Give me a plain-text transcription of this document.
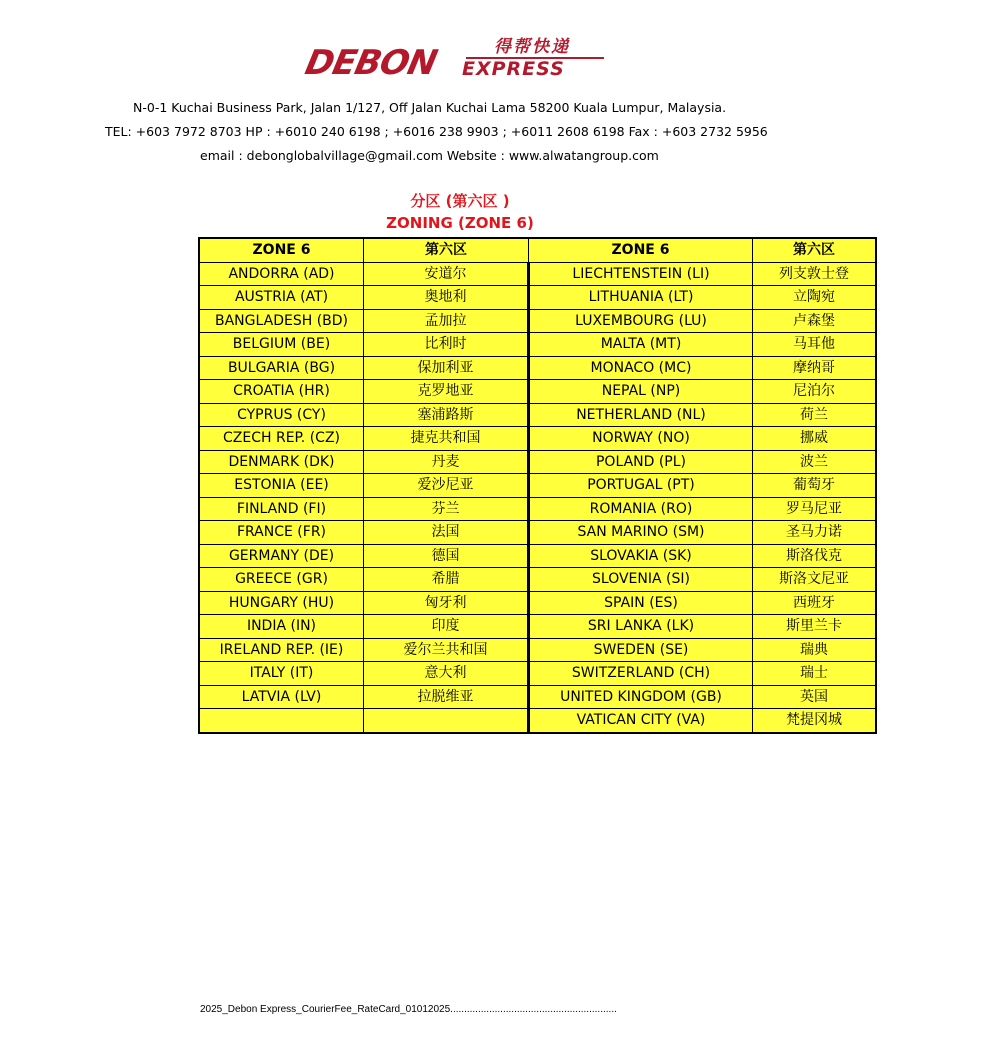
DEBON	得帮快递
EXPRESS
N-0-1 Kuchai Business Park, Jalan 1/127, Off Jalan Kuchai Lama 58200 Kuala Lumpur, Malaysia.
TEL: +603 7972 8703 HP : +6010 240 6198 ; +6016 238 9903 ; +6011 2608 6198 Fax : +603 2732 5956
email : debonglobalvillage@gmail.com Website : www.alwatangroup.com
分区 (第六区 )
ZONING (ZONE 6)
ZONE 6	第六区	ZONE 6	第六区
ANDORRA (AD)	安道尔	LIECHTENSTEIN (LI)	列支敦士登
AUSTRIA (AT)	奥地利	LITHUANIA (LT)	立陶宛
BANGLADESH (BD)	孟加拉	LUXEMBOURG (LU)	卢森堡
BELGIUM (BE)	比利时	MALTA (MT)	马耳他
BULGARIA (BG)	保加利亚	MONACO (MC)	摩纳哥
CROATIA (HR)	克罗地亚	NEPAL (NP)	尼泊尔
CYPRUS (CY)	塞浦路斯	NETHERLAND (NL)	荷兰
CZECH REP. (CZ)	捷克共和国	NORWAY (NO)	挪威
DENMARK (DK)	丹麦	POLAND (PL)	波兰
ESTONIA (EE)	爱沙尼亚	PORTUGAL (PT)	葡萄牙
FINLAND (FI)	芬兰	ROMANIA (RO)	罗马尼亚
FRANCE (FR)	法国	SAN MARINO (SM)	圣马力诺
GERMANY (DE)	德国	SLOVAKIA (SK)	斯洛伐克
GREECE (GR)	希腊	SLOVENIA (SI)	斯洛文尼亚
HUNGARY (HU)	匈牙利	SPAIN (ES)	西班牙
INDIA (IN)	印度	SRI LANKA (LK)	斯里兰卡
IRELAND REP. (IE)	爱尔兰共和国	SWEDEN (SE)	瑞典
ITALY (IT)	意大利	SWITZERLAND (CH)	瑞士
LATVIA (LV)	拉脱维亚	UNITED KINGDOM (GB)	英国
		VATICAN CITY (VA)	梵提冈城
2025_Debon Express_CourierFee_RateCard_01012025............................................................
